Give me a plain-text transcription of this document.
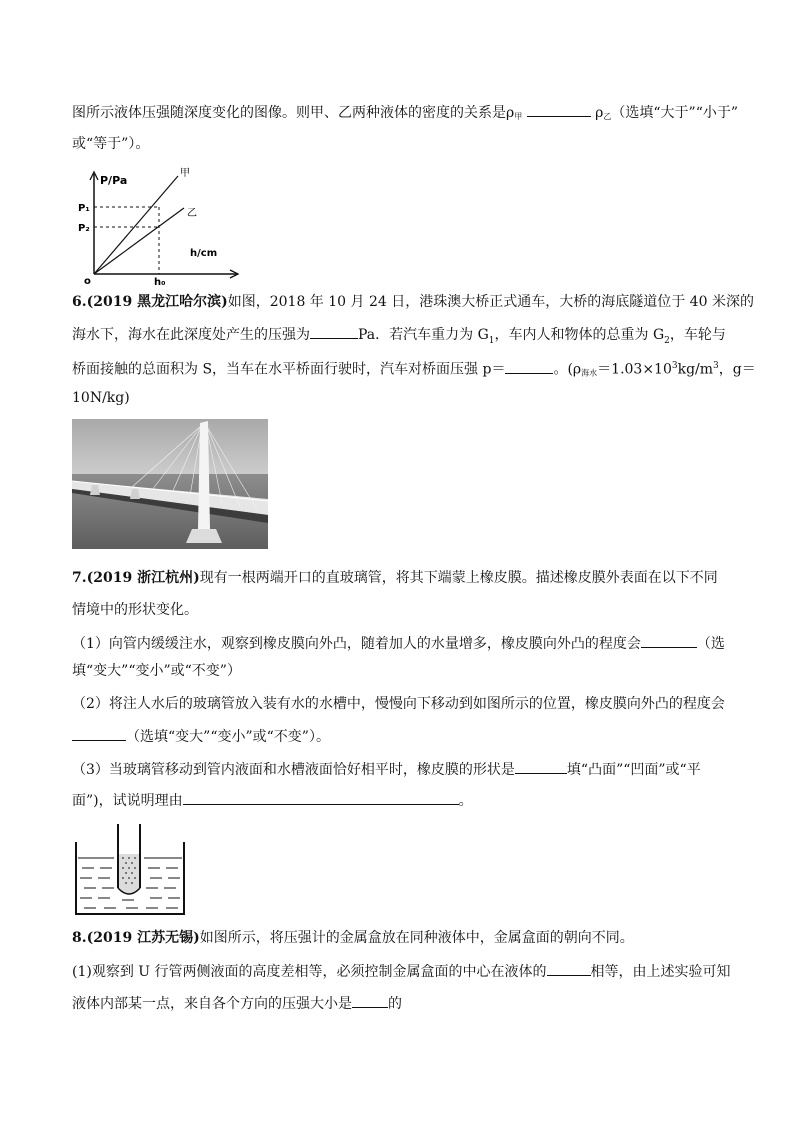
图所示液体压强随深度变化的图像。则甲、乙两种液体的密度的关系是ρ甲	ρ乙（选填“大于”“小于”
或“等于”）。
P/Pa
h/cm
P₁
P₂
o	h₀
甲
乙
6.(2019 黑龙江哈尔滨)如图，2018 年 10 月 24 日，港珠澳大桥正式通车，大桥的海底隧道位于 40 米深的
海水下，海水在此深度处产生的压强为	Pa．若汽车重力为 $G_1$，车内人和物体的总重为 $G_2$，车轮与
桥面接触的总面积为 S，当车在水平桥面行驶时，汽车对桥面压强 p＝	。(ρ海水$=1.03\times 10^3kg/m^3$，g＝
10N/kg)
7.(2019 浙江杭州)现有一根两端开口的直玻璃管，将其下端蒙上橡皮膜。描述橡皮膜外表面在以下不同
情境中的形状变化。
（1）向管内缓缓注水，观察到橡皮膜向外凸，随着加人的水量增多，橡皮膜向外凸的程度会	（选
填“变大”“变小”或“不变”）
（2）将注人水后的玻璃管放入装有水的水槽中，慢慢向下移动到如图所示的位置，橡皮膜向外凸的程度会
（选填“变大”“变小”或“不变”）。
（3）当玻璃管移动到管内液面和水槽液面恰好相平时，橡皮膜的形状是	填“凸面”“凹面”或“平
面”)，试说明理由	。
8.(2019 江苏无锡)如图所示，将压强计的金属盒放在同种液体中，金属盒面的朝向不同。
(1)观察到 U 行管两侧液面的高度差相等，必须控制金属盒面的中心在液体的	相等，由上述实验可知
液体内部某一点，来自各个方向的压强大小是	的
